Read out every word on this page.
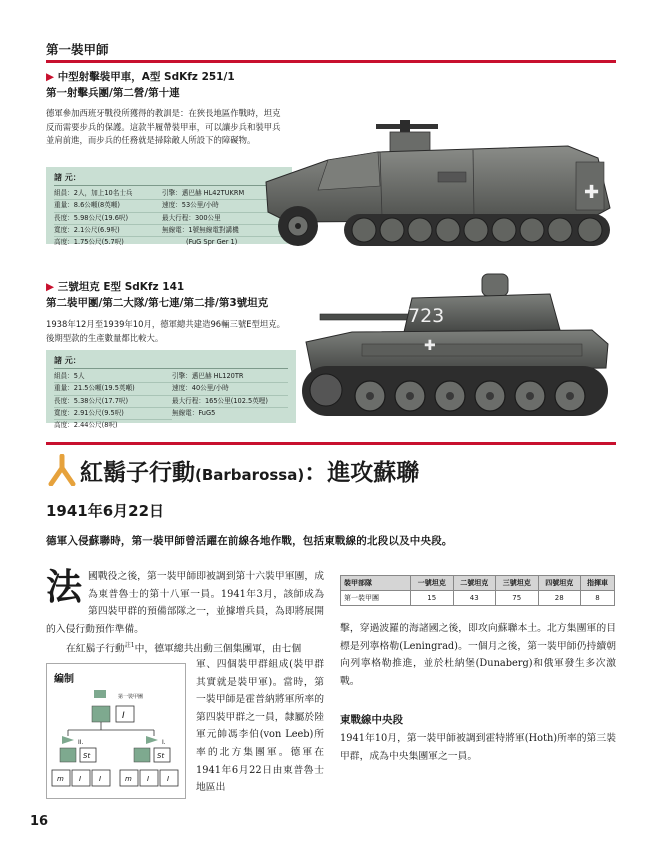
第一裝甲師
▶ 中型射擊裝甲車，A型 SdKfz 251/1
第一射擊兵團/第二營/第十連
德軍參加西班牙戰役所獲得的教訓是：在狹長地區作戰時，坦克反而需要步兵的保護。這款半履帶裝甲車，可以讓步兵和裝甲兵並肩前進，而步兵的任務就是掃除敵人所設下的障礙物。
諸 元：
組員：2人，加上10名士兵
重量：8.6公噸(8英噸)
長度：5.98公尺(19.6呎)
寬度：2.1公尺(6.9呎)
高度：1.75公尺(5.7呎)
引擎：邁巴赫 HL42TUKRM
速度：53公里/小時
最大行程：300公里
無線電：1號無線電對講機
(FuG Spr Ger 1)
✚
▶ 三號坦克 E型 SdKfz 141
第二裝甲團/第二大隊/第七連/第二排/第3號坦克
1938年12月至1939年10月，德軍總共建造96輛三號E型坦克。後期型款的生產數量都比較大。
諸 元：
組員：5人
重量：21.5公噸(19.5英噸)
長度：5.38公尺(17.7呎)
寬度：2.91公尺(9.5呎)
高度：2.44公尺(8呎)
引擎：邁巴赫 HL120TR
速度：40公里/小時
最大行程：165公里(102.5英哩)
無線電：FuG5
723
✚
紅鬍子行動(Barbarossa)：進攻蘇聯
1941年6月22日
德軍入侵蘇聯時，第一裝甲師曾活躍在前線各地作戰，包括東戰線的北段以及中央段。
法國戰役之後，第一裝甲師即被調到第十六裝甲軍團，成為東普魯士的第十八軍一員。1941年3月，該師成為第四裝甲群的預備部隊之一，並據增兵員，為即將展開的入侵行動預作準備。
在紅鬍子行動$^{註1}$中，德軍總共出動三個集團軍，由七個
軍、四個裝甲群組成(裝甲群其實就是裝甲軍)。當時，第一裝甲師是霍普納將軍所率的第四裝甲群之一員，隸屬於陸軍元帥馮李伯(von Leeb)所率的北方集團軍。德軍在1941年6月22日由東普魯士地區出
編制
第一裝甲團
I
II.
St
I.
St
m I	I	m I	I
裝甲部隊	一號坦克	二號坦克	三號坦克	四號坦克	指揮車
第一裝甲團	15	43	75	28	8
擊，穿過波羅的海諸國之後，即攻向蘇聯本土。北方集團軍的目標是列寧格勒(Leningrad)。一個月之後，第一裝甲師仍持續朝向列寧格勒推進，並於杜納堡(Dunaberg)和俄軍發生多次激戰。
東戰線中央段
1941年10月，第一裝甲師被調到霍特將軍(Hoth)所率的第三裝甲群，成為中央集團軍之一員。
16
